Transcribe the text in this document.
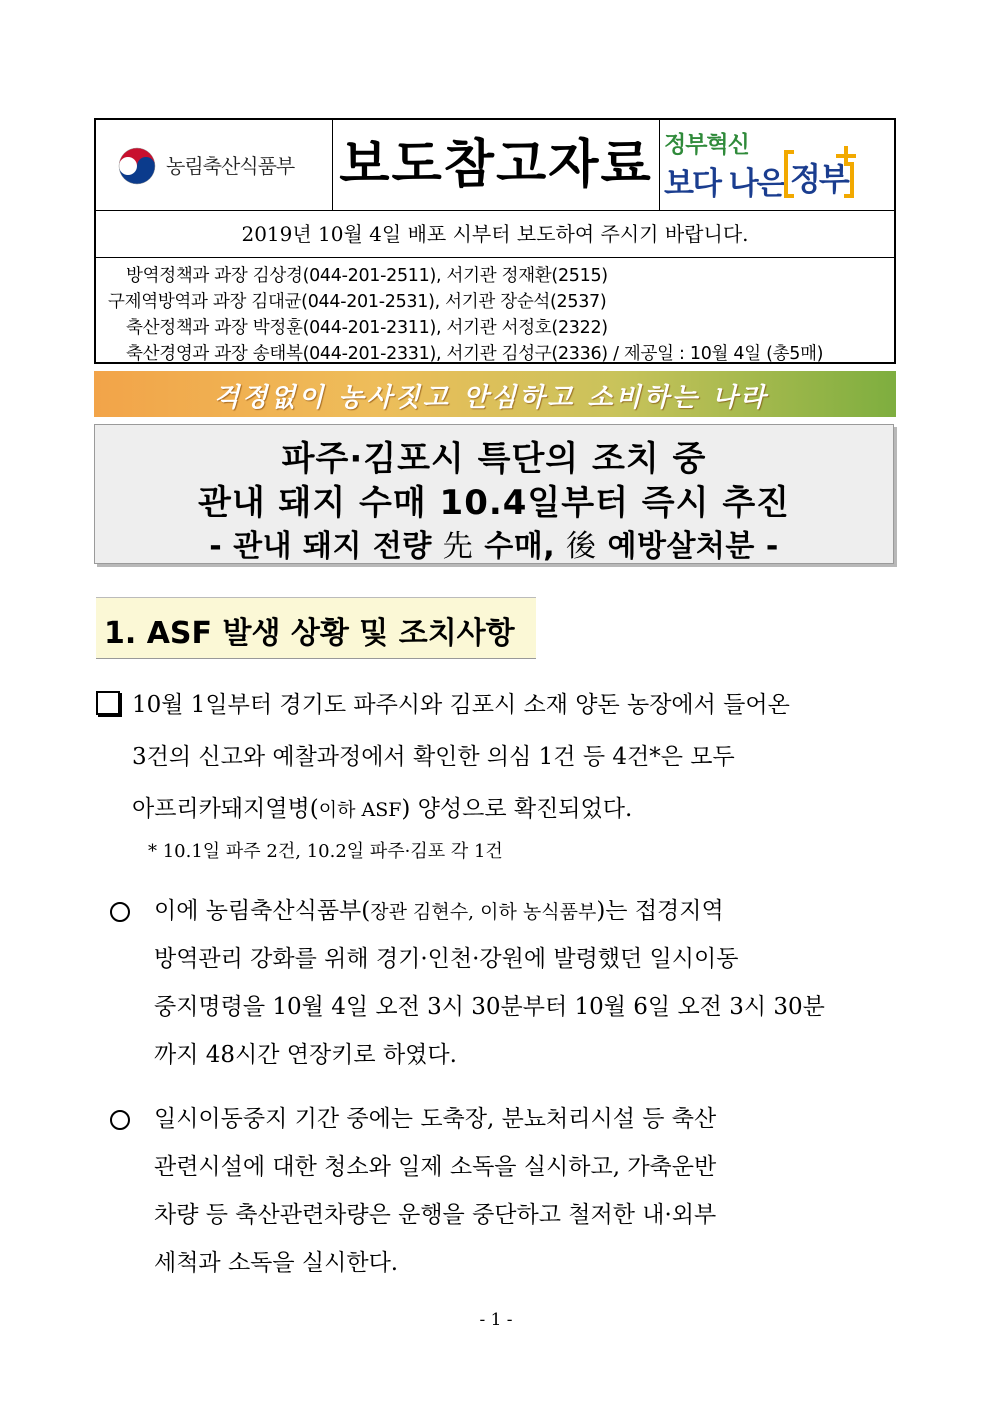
농림축산식품부 보도참고자료 정부혁신
보다 나은 정부
2019년 10월 4일 배포 시부터 보도하여 주시기 바랍니다.
방역정책과 과장 김상경(044-201-2511), 서기관 정재환(2515)
구제역방역과 과장 김대균(044-201-2531), 서기관 장순석(2537)
축산정책과 과장 박정훈(044-201-2311), 서기관 서정호(2322)
축산경영과 과장 송태복(044-201-2331), 서기관 김성구(2336) / 제공일 : 10월 4일 (총5매)
걱정없이 농사짓고 안심하고 소비하는 나라
파주·김포시 특단의 조치 중
관내 돼지 수매 10.4일부터 즉시 추진
- 관내 돼지 전량 先 수매, 後 예방살처분 -
1. ASF 발생 상황 및 조치사항
10월 1일부터 경기도 파주시와 김포시 소재 양돈 농장에서 들어온
3건의 신고와 예찰과정에서 확인한 의심 1건 등 4건*은 모두
아프리카돼지열병(이하 ASF) 양성으로 확진되었다.
* 10.1일 파주 2건, 10.2일 파주·김포 각 1건
이에 농림축산식품부(장관 김현수, 이하 농식품부)는 접경지역
방역관리 강화를 위해 경기·인천·강원에 발령했던 일시이동
중지명령을 10월 4일 오전 3시 30분부터 10월 6일 오전 3시 30분
까지 48시간 연장키로 하였다.
일시이동중지 기간 중에는 도축장, 분뇨처리시설 등 축산
관련시설에 대한 청소와 일제 소독을 실시하고, 가축운반
차량 등 축산관련차량은 운행을 중단하고 철저한 내·외부
세척과 소독을 실시한다.
- 1 -
